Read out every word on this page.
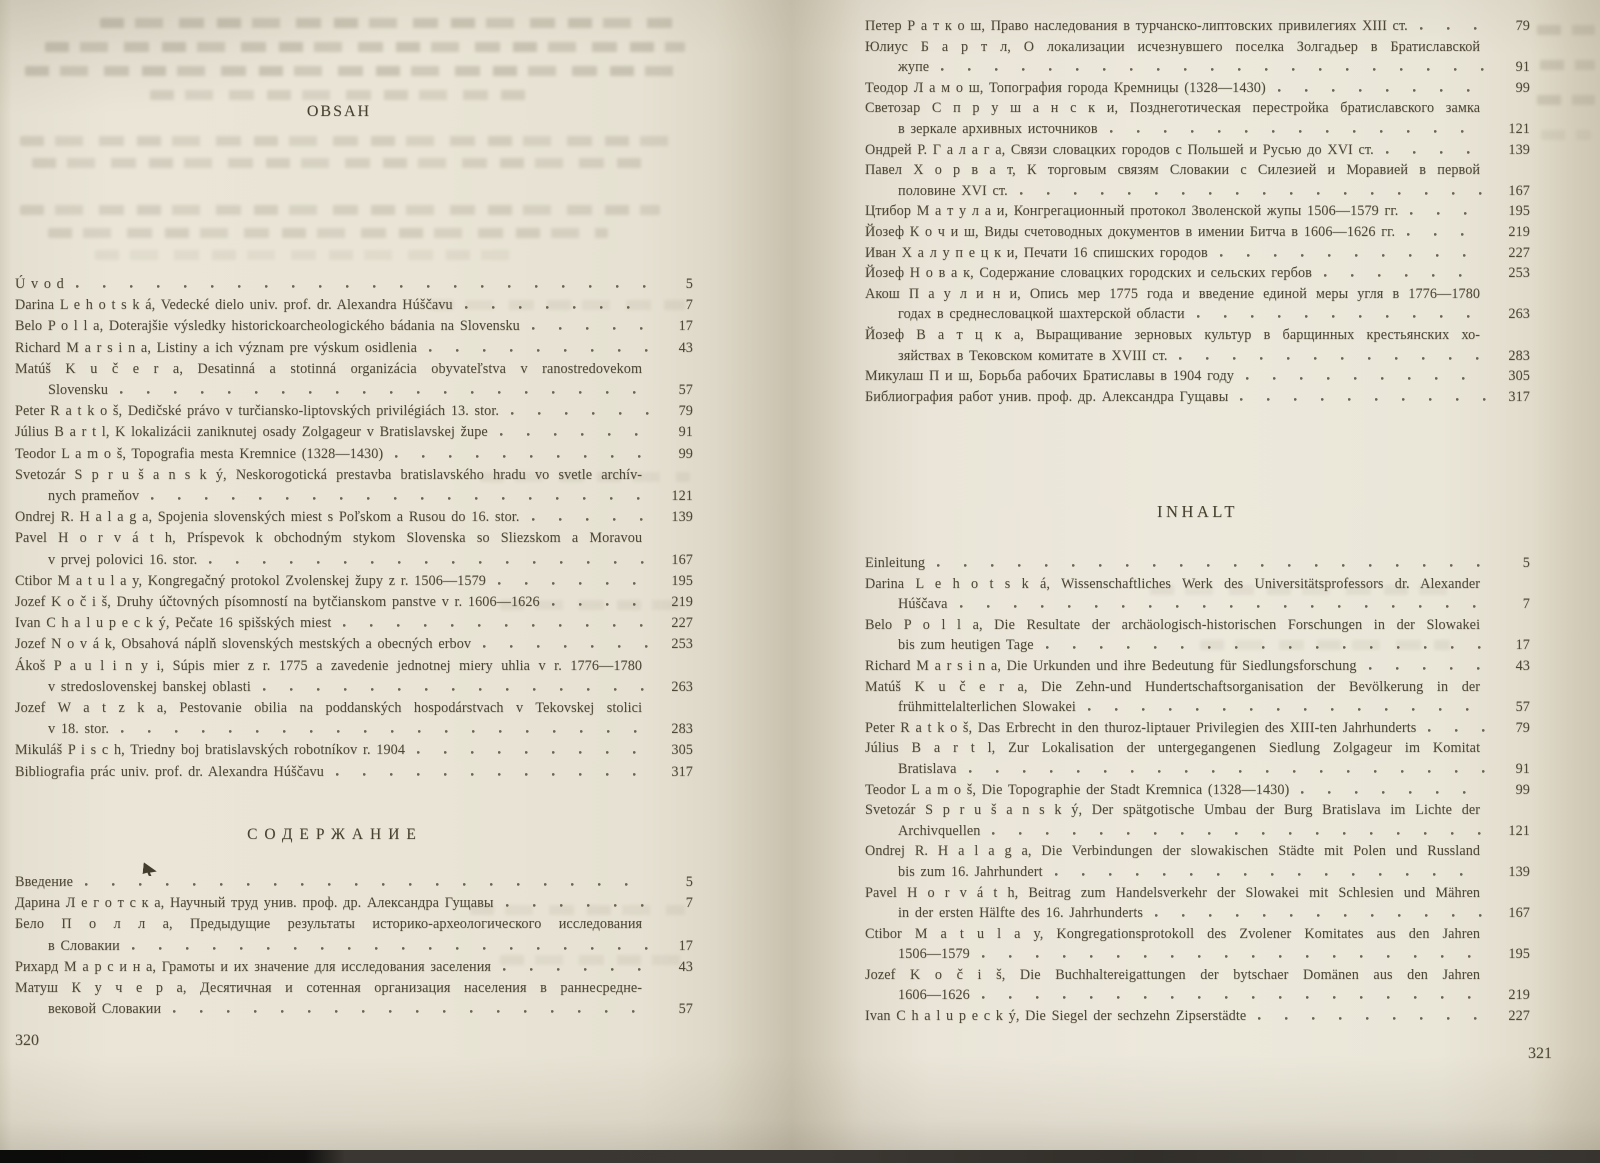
OBSAH
Ú v o d	5
Darina L e h o t s k á, Vedecké dielo univ. prof. dr. Alexandra Húščavu	7
Belo P o l l a, Doterajšie výsledky historickoarcheologického bádania na Slovensku	17
Richard M a r s i n a, Listiny a ich význam pre výskum osidlenia	43
Matúš K u č e r a, Desatinná a stotinná organizácia obyvateľstva v ranostredovekom
Slovensku	57
Peter R a t k o š, Dedičské právo v turčiansko-liptovských privilégiách 13. stor.	79
Július B a r t l, K lokalizácii zaniknutej osady Zolgageur v Bratislavskej župe	91
Teodor L a m o š, Topografia mesta Kremnice (1328—1430)	99
Svetozár S p r u š a n s k ý, Neskorogotická prestavba bratislavského hradu vo svetle archív-
nych prameňov	121
Ondrej R. H a l a g a, Spojenia slovenských miest s Poľskom a Rusou do 16. stor.	139
Pavel H o r v á t h, Príspevok k obchodným stykom Slovenska so Sliezskom a Moravou
v prvej polovici 16. stor.	167
Ctibor M a t u l a y, Kongregačný protokol Zvolenskej župy z r. 1506—1579	195
Jozef K o č i š, Druhy účtovných písomností na bytčianskom panstve v r. 1606—1626	219
Ivan C h a l u p e c k ý, Pečate 16 spišských miest	227
Jozef N o v á k, Obsahová náplň slovenských mestských a obecných erbov	253
Ákoš P a u l i n y i, Súpis mier z r. 1775 a zavedenie jednotnej miery uhlia v r. 1776—1780
v stredoslovenskej banskej oblasti	263
Jozef W a t z k a, Pestovanie obilia na poddanských hospodárstvach v Tekovskej stolici
v 18. stor.	283
Mikuláš P i s c h, Triedny boj bratislavských robotníkov r. 1904	305
Bibliografia prác univ. prof. dr. Alexandra Húščavu	317
СОДЕРЖАНИЕ
Введение	5
Дарина Л е г о т с к а, Научный труд унив. проф. др. Александра Гущавы	7
Бело П о л л а, Предыдущие результаты историко-археологического исследования
в Словакии	17
Рихард М а р с и н а, Грамоты и их значение для исследования заселения	43
Матуш К у ч е р а, Десятичная и сотенная организация населения в раннесредне-
вековой Словакии	57
320
Петер Р а т к о ш, Право наследования в турчанско-липтовских привилегиях XIII ст.	79
Юлиус Б а р т л, О локализации исчезнувшего поселка Золгадьер в Братиславской
жупе	91
Теодор Л а м о ш, Топография города Кремницы (1328—1430)	99
Светозар С п р у ш а н с к и, Позднеготическая перестройка братиславского замка
в зеркале архивных источников	121
Ондрей Р. Г а л а г а, Связи словацких городов с Польшей и Русью до XVI ст.	139
Павел Х о р в а т, К торговым связям Словакии с Силезией и Моравией в первой
половине XVI ст.	167
Цтибор М а т у л а и, Конгрегационный протокол Зволенской жупы 1506—1579 гг.	195
Йозеф К о ч и ш, Виды счетоводных документов в имении Битча в 1606—1626 гг.	219
Иван Х а л у п е ц к и, Печати 16 спишских городов	227
Йозеф Н о в а к, Содержание словацких городских и сельских гербов	253
Акош П а у л и н и, Опись мер 1775 года и введение единой меры угля в 1776—1780
годах в среднесловацкой шахтерской области	263
Йозеф В а т ц к а, Выращивание зерновых культур в барщинных крестьянских хо-
зяйствах в Тековском комитате в XVIII ст.	283
Микулаш П и ш, Борьба рабочих Братиславы в 1904 году	305
Библиография работ унив. проф. др. Александра Гущавы	317
INHALT
Einleitung	5
Darina L e h o t s k á, Wissenschaftliches Werk des Universitätsprofessors dr. Alexander
Húščava	7
Belo P o l l a, Die Resultate der archäologisch-historischen Forschungen in der Slowakei
bis zum heutigen Tage	17
Richard M a r s i n a, Die Urkunden und ihre Bedeutung für Siedlungsforschung	43
Matúš K u č e r a, Die Zehn-und Hundertschaftsorganisation der Bevölkerung in der
frühmittelalterlichen Slowakei	57
Peter R a t k o š, Das Erbrecht in den thuroz-liptauer Privilegien des XIII-ten Jahrhunderts	79
Július B a r t l, Zur Lokalisation der untergegangenen Siedlung Zolgageur im Komitat
Bratislava	91
Teodor L a m o š, Die Topographie der Stadt Kremnica (1328—1430)	99
Svetozár S p r u š a n s k ý, Der spätgotische Umbau der Burg Bratislava im Lichte der
Archivquellen	121
Ondrej R. H a l a g a, Die Verbindungen der slowakischen Städte mit Polen und Russland
bis zum 16. Jahrhundert	139
Pavel H o r v á t h, Beitrag zum Handelsverkehr der Slowakei mit Schlesien und Mähren
in der ersten Hälfte des 16. Jahrhunderts	167
Ctibor M a t u l a y, Kongregationsprotokoll des Zvolener Komitates aus den Jahren
1506—1579	195
Jozef K o č i š, Die Buchhaltereigattungen der bytschaer Domänen aus den Jahren
1606—1626	219
Ivan C h a l u p e c k ý, Die Siegel der sechzehn Zipserstädte	227
321
